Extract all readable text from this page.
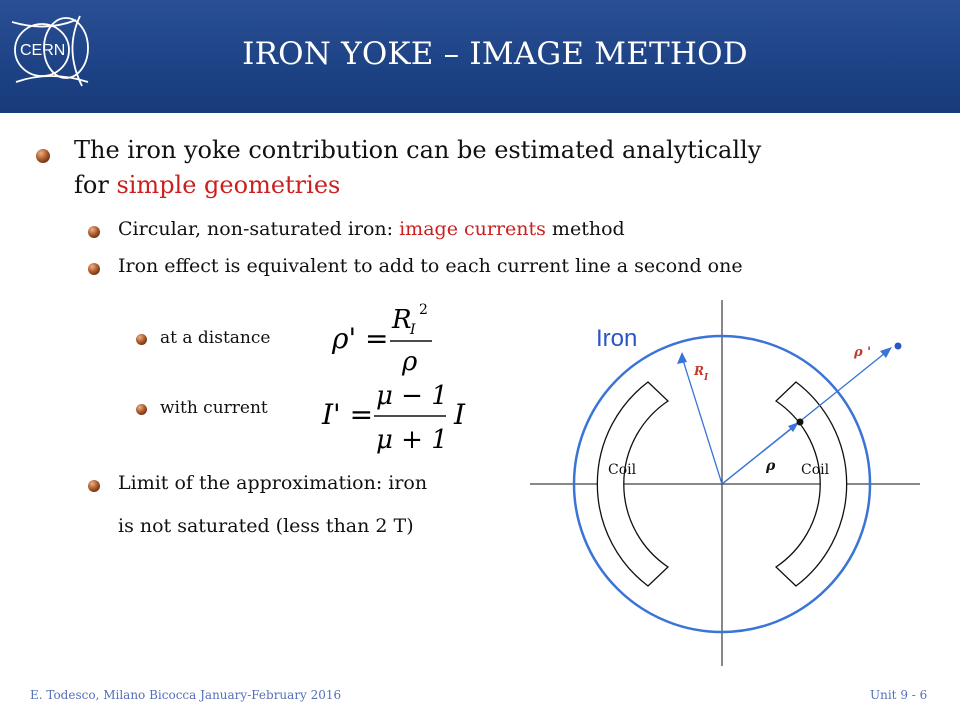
CERN	IRON YOKE – IMAGE METHOD
The iron yoke contribution can be estimated analytically
for simple geometries
Circular, non-saturated iron: image currents method
Iron effect is equivalent to add to each current line a second one
at a distance ρ' =
R
I
2
ρ
with current I' =
μ − 1
μ + 1
I
Limit of the approximation: iron
is not saturated (less than 2 T)
Iron
Coil	Coil
ρ
ρ '
R I
E. Todesco, Milano Bicocca January-February 2016	Unit 9 - 6
